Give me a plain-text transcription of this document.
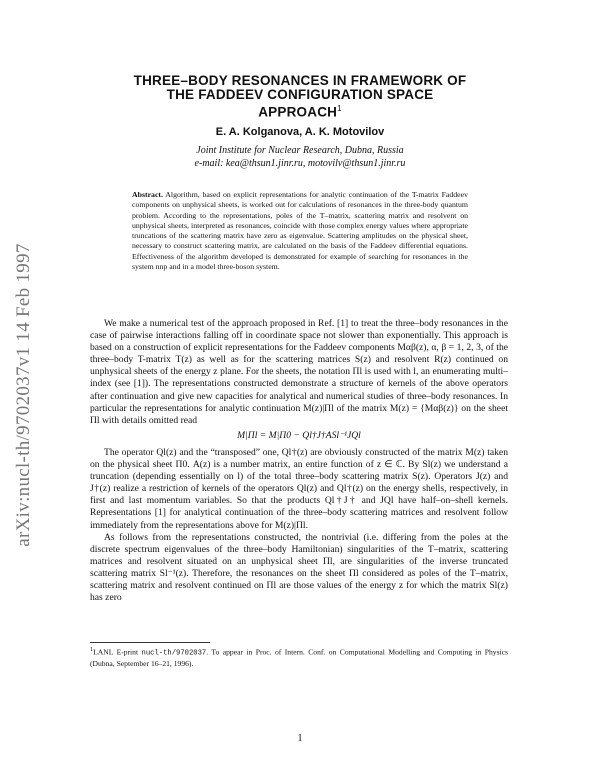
arXiv:nucl-th/9702037v1 14 Feb 1997
THREE–BODY RESONANCES IN FRAMEWORK OF
THE FADDEEV CONFIGURATION SPACE
APPROACH$^1$
E. A. Kolganova, A. K. Motovilov
Joint Institute for Nuclear Research, Dubna, Russia
e-mail: kea@thsun1.jinr.ru, motovilv@thsun1.jinr.ru
Abstract. Algorithm, based on explicit representations for analytic continuation of the T-matrix Faddeev components on unphysical sheets, is worked out for calculations of resonances in the three-body quantum problem. According to the representations, poles of the T–matrix, scattering matrix and resolvent on unphysical sheets, interpreted as resonances, coincide with those complex energy values where appropriate truncations of the scattering matrix have zero as eigenvalue. Scattering amplitudes on the physical sheet, necessary to construct scattering matrix, are calculated on the basis of the Faddeev differential equations. Effectiveness of the algorithm developed is demonstrated for example of searching for resonances in the system nnp and in a model three-boson system.

We make a numerical test of the approach proposed in Ref. [1] to treat the three–body resonances in the case of pairwise interactions falling off in coordinate space not slower than exponentially. This approach is based on a construction of explicit representations for the Faddeev components Mαβ(z), α, β = 1, 2, 3, of the three–body T-matrix T(z) as well as for the scattering matrices S(z) and resolvent R(z) continued on unphysical sheets of the energy z plane. For the sheets, the notation Πl is used with l, an enumerating multi–index (see [1]). The representations constructed demonstrate a structure of kernels of the above operators after continuation and give new capacities for analytical and numerical studies of three–body resonances. In particular the representations for analytic continuation M(z)|Πl of the matrix M(z) = {Mαβ(z)} on the sheet Πl with details omitted read

M|Πl = M|Π0 − Ql†J†ASl⁻¹JQl

The operator Ql(z) and the “transposed” one, Ql†(z) are obviously constructed of the matrix M(z) taken on the physical sheet Π0. A(z) is a number matrix, an entire function of z ∈ ℂ. By Sl(z) we understand a truncation (depending essentially on l) of the total three–body scattering matrix S(z). Operators J(z) and J†(z) realize a restriction of kernels of the operators Ql(z) and Ql†(z) on the energy shells, respectively, in first and last momentum variables. So that the products Ql†J† and JQl have half–on–shell kernels. Representations [1] for analytical continuation of the three–body scattering matrices and resolvent follow immediately from the representations above for M(z)|Πl.

As follows from the representations constructed, the nontrivial (i.e. differing from the poles at the discrete spectrum eigenvalues of the three–body Hamiltonian) singularities of the T–matrix, scattering matrices and resolvent situated on an unphysical sheet Πl, are singularities of the inverse truncated scattering matrix Sl⁻¹(z). Therefore, the resonances on the sheet Πl considered as poles of the T–matrix, scattering matrix and resolvent continued on Πl are those values of the energy z for which the matrix Sl(z) has zero

$^1$LANL E-print nucl-th/9702037. To appear in Proc. of Intern. Conf. on Computational Modelling and Computing in Physics (Dubna, September 16–21, 1996).
1
